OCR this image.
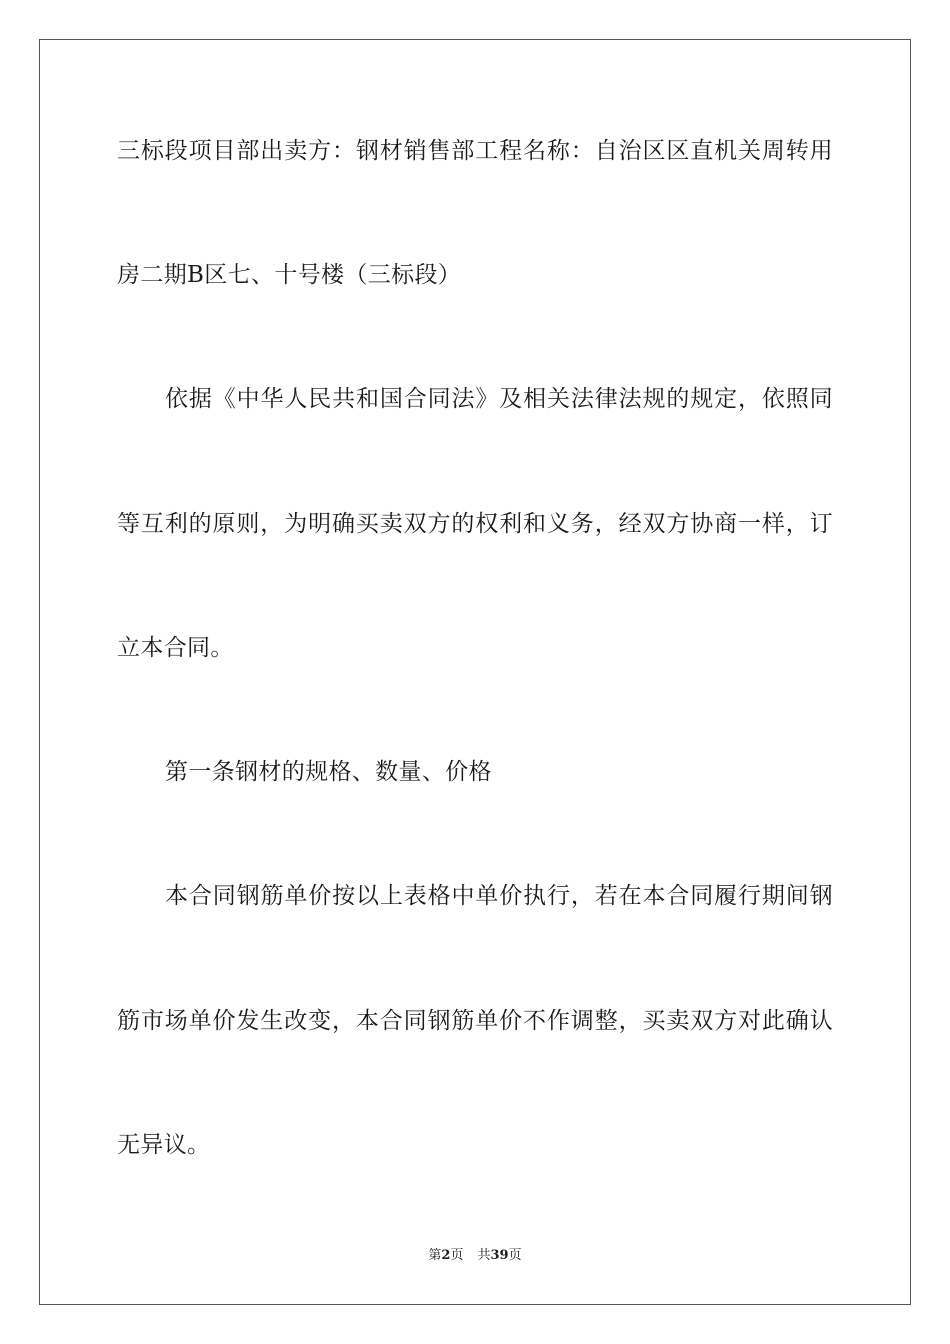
三标段项目部出卖方：钢材销售部工程名称：自治区区直机关周转用
房二期B区七、十号楼（三标段）
依据《中华人民共和国合同法》及相关法律法规的规定，依照同
等互利的原则，为明确买卖双方的权利和义务，经双方协商一样，订
立本合同。
第一条钢材的规格、数量、价格
本合同钢筋单价按以上表格中单价执行，若在本合同履行期间钢
筋市场单价发生改变，本合同钢筋单价不作调整，买卖双方对此确认
无异议。
第2页 共39页
